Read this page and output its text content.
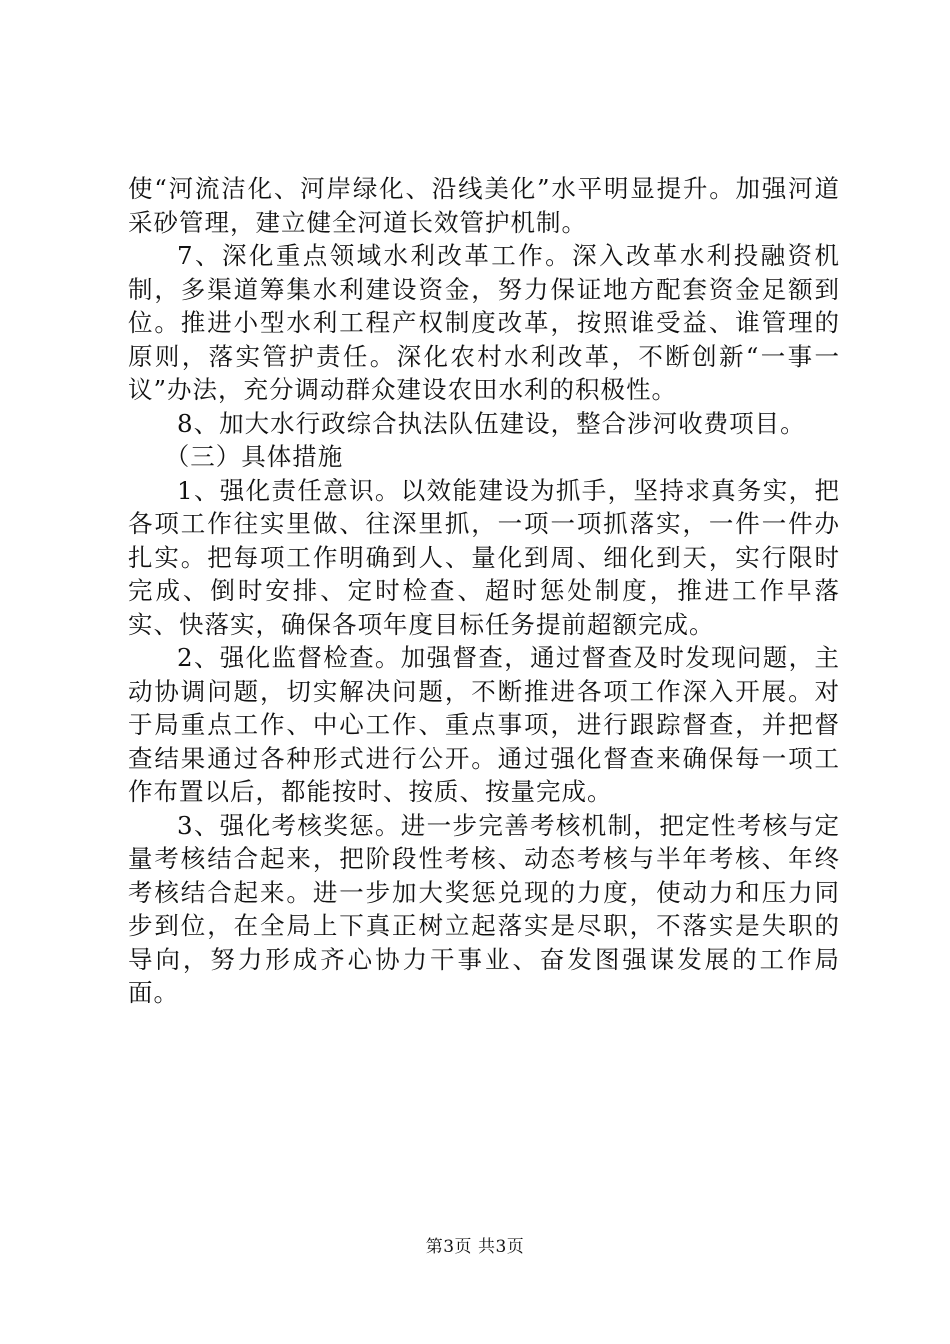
使“河流洁化、河岸绿化、沿线美化”水平明显提升。加强河道采砂管理，建立健全河道长效管护机制。

7、深化重点领域水利改革工作。深入改革水利投融资机制，多渠道筹集水利建设资金，努力保证地方配套资金足额到位。推进小型水利工程产权制度改革，按照谁受益、谁管理的原则，落实管护责任。深化农村水利改革，不断创新“一事一议”办法，充分调动群众建设农田水利的积极性。

8、加大水行政综合执法队伍建设，整合涉河收费项目。

（三）具体措施

1、强化责任意识。以效能建设为抓手，坚持求真务实，把各项工作往实里做、往深里抓，一项一项抓落实，一件一件办扎实。把每项工作明确到人、量化到周、细化到天，实行限时完成、倒时安排、定时检查、超时惩处制度，推进工作早落实、快落实，确保各项年度目标任务提前超额完成。

2、强化监督检查。加强督查，通过督查及时发现问题，主动协调问题，切实解决问题，不断推进各项工作深入开展。对于局重点工作、中心工作、重点事项，进行跟踪督查，并把督查结果通过各种形式进行公开。通过强化督查来确保每一项工作布置以后，都能按时、按质、按量完成。

3、强化考核奖惩。进一步完善考核机制，把定性考核与定量考核结合起来，把阶段性考核、动态考核与半年考核、年终考核结合起来。进一步加大奖惩兑现的力度，使动力和压力同步到位，在全局上下真正树立起落实是尽职，不落实是失职的导向，努力形成齐心协力干事业、奋发图强谋发展的工作局面。

第3页 共3页
